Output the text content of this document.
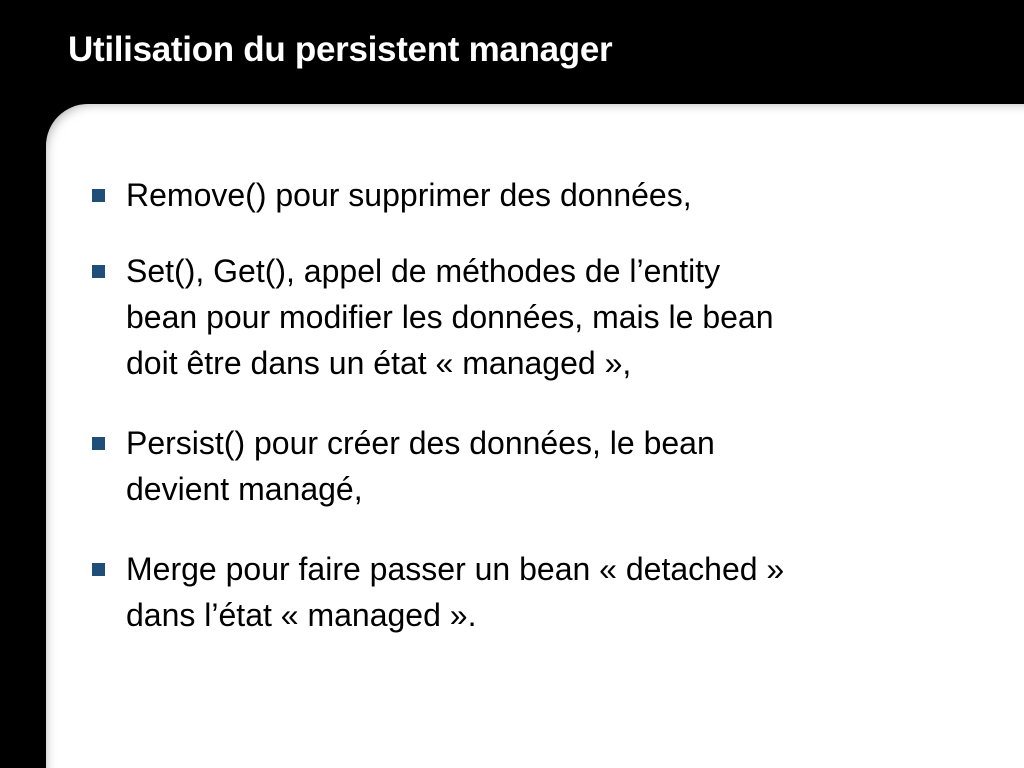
Utilisation du persistent manager
Remove() pour supprimer des données,
Set(), Get(), appel de méthodes de l’entity
bean pour modifier les données, mais le bean
doit être dans un état « managed »,
Persist() pour créer des données, le bean
devient managé,
Merge pour faire passer un bean « detached »
dans l’état « managed ».
